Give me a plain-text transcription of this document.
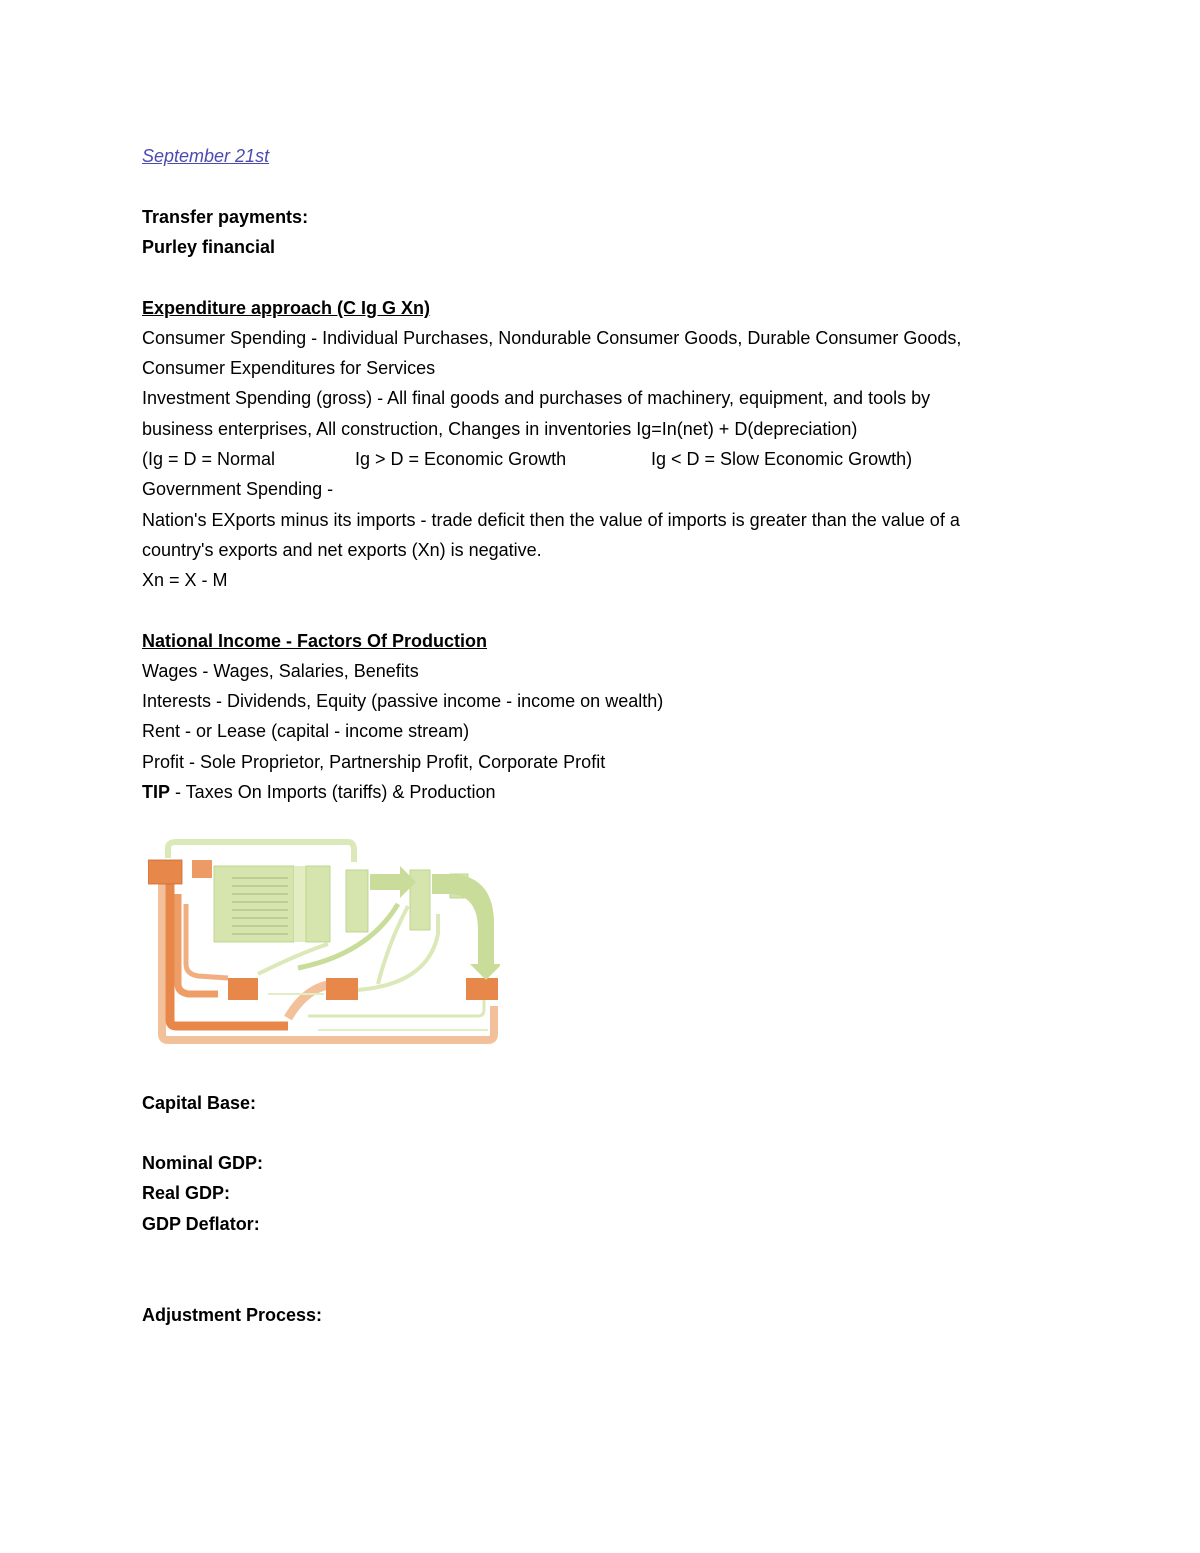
September 21st
Transfer payments:
Purley financial
Expenditure approach (C Ig G Xn)
Consumer Spending - Individual Purchases, Nondurable Consumer Goods, Durable Consumer Goods,
Consumer Expenditures for Services
Investment Spending (gross) - All final goods and purchases of machinery, equipment, and tools by
business enterprises, All construction, Changes in inventories Ig=In(net) + D(depreciation)
(Ig = D = Normal	Ig > D = Economic Growth	Ig < D = Slow Economic Growth)
Government Spending -
Nation's EXports minus its imports - trade deficit then the value of imports is greater than the value of a
country's exports and net exports (Xn) is negative.
Xn = X - M
National Income - Factors Of Production
Wages - Wages, Salaries, Benefits
Interests - Dividends, Equity (passive income - income on wealth)
Rent - or Lease (capital - income stream)
Profit - Sole Proprietor, Partnership Profit, Corporate Profit
TIP - Taxes On Imports (tariffs) & Production
Capital Base:
Nominal GDP:
Real GDP:
GDP Deflator:
Adjustment Process:
